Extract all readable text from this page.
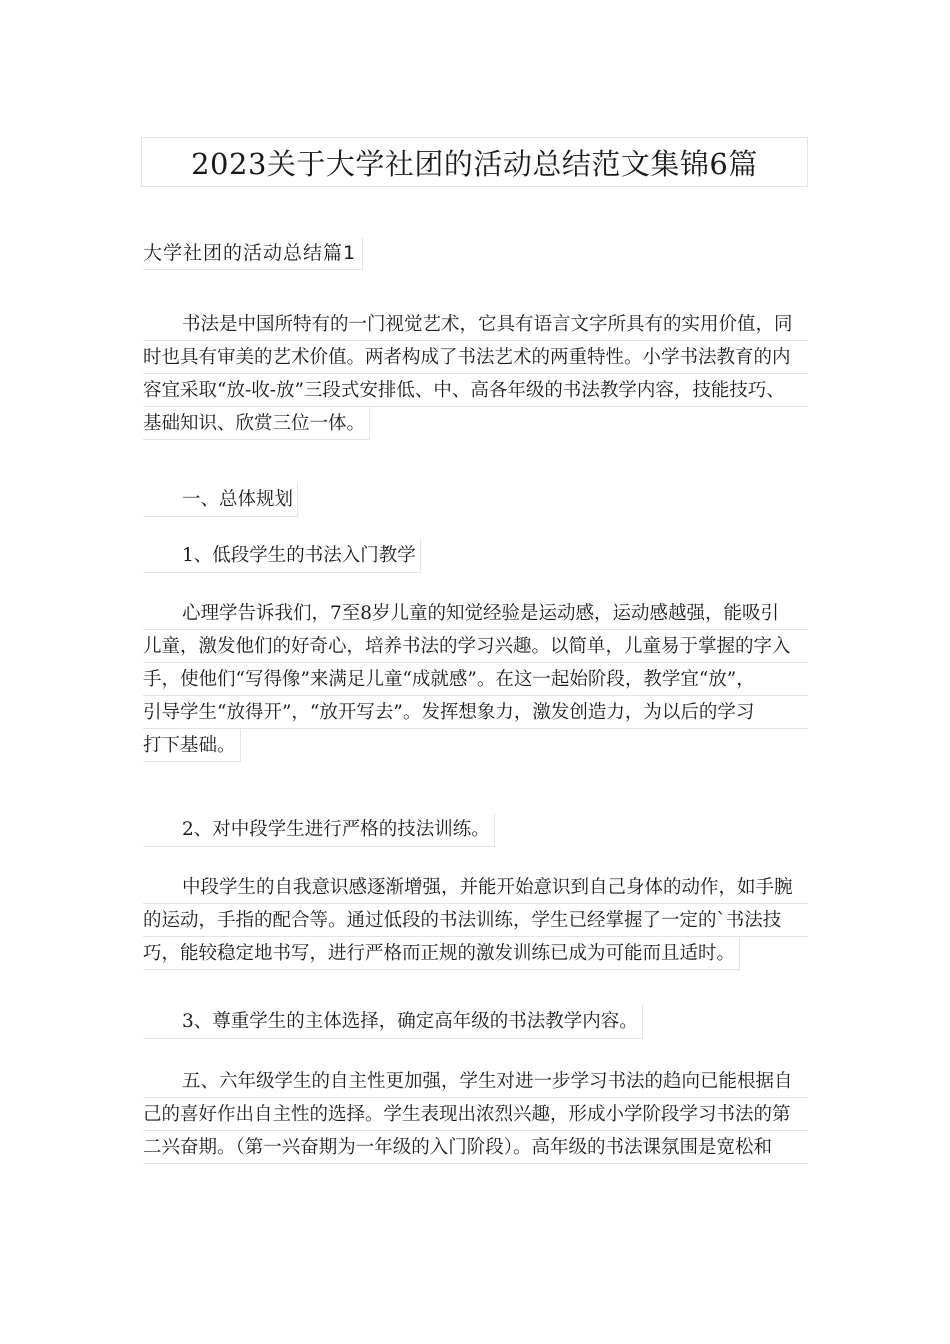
2023关于大学社团的活动总结范文集锦6篇
大学社团的活动总结篇1
书法是中国所特有的一门视觉艺术，它具有语言文字所具有的实用价值，同
时也具有审美的艺术价值。两者构成了书法艺术的两重特性。小学书法教育的内
容宜采取“放-收-放”三段式安排低、中、高各年级的书法教学内容，技能技巧、
基础知识、欣赏三位一体。
一、总体规划
1、低段学生的书法入门教学
心理学告诉我们，7至8岁儿童的知觉经验是运动感，运动感越强，能吸引
儿童，激发他们的好奇心，培养书法的学习兴趣。以简单，儿童易于掌握的字入
手，使他们“写得像”来满足儿童“成就感”。在这一起始阶段，教学宜“放”，
引导学生“放得开”，“放开写去”。发挥想象力，激发创造力，为以后的学习
打下基础。
2、对中段学生进行严格的技法训练。
中段学生的自我意识感逐渐增强，并能开始意识到自己身体的动作，如手腕
的运动，手指的配合等。通过低段的书法训练，学生已经掌握了一定的`书法技
巧，能较稳定地书写，进行严格而正规的激发训练已成为可能而且适时。
3、尊重学生的主体选择，确定高年级的书法教学内容。
五、六年级学生的自主性更加强，学生对进一步学习书法的趋向已能根据自
己的喜好作出自主性的选择。学生表现出浓烈兴趣，形成小学阶段学习书法的第
二兴奋期。（第一兴奋期为一年级的入门阶段）。高年级的书法课氛围是宽松和
